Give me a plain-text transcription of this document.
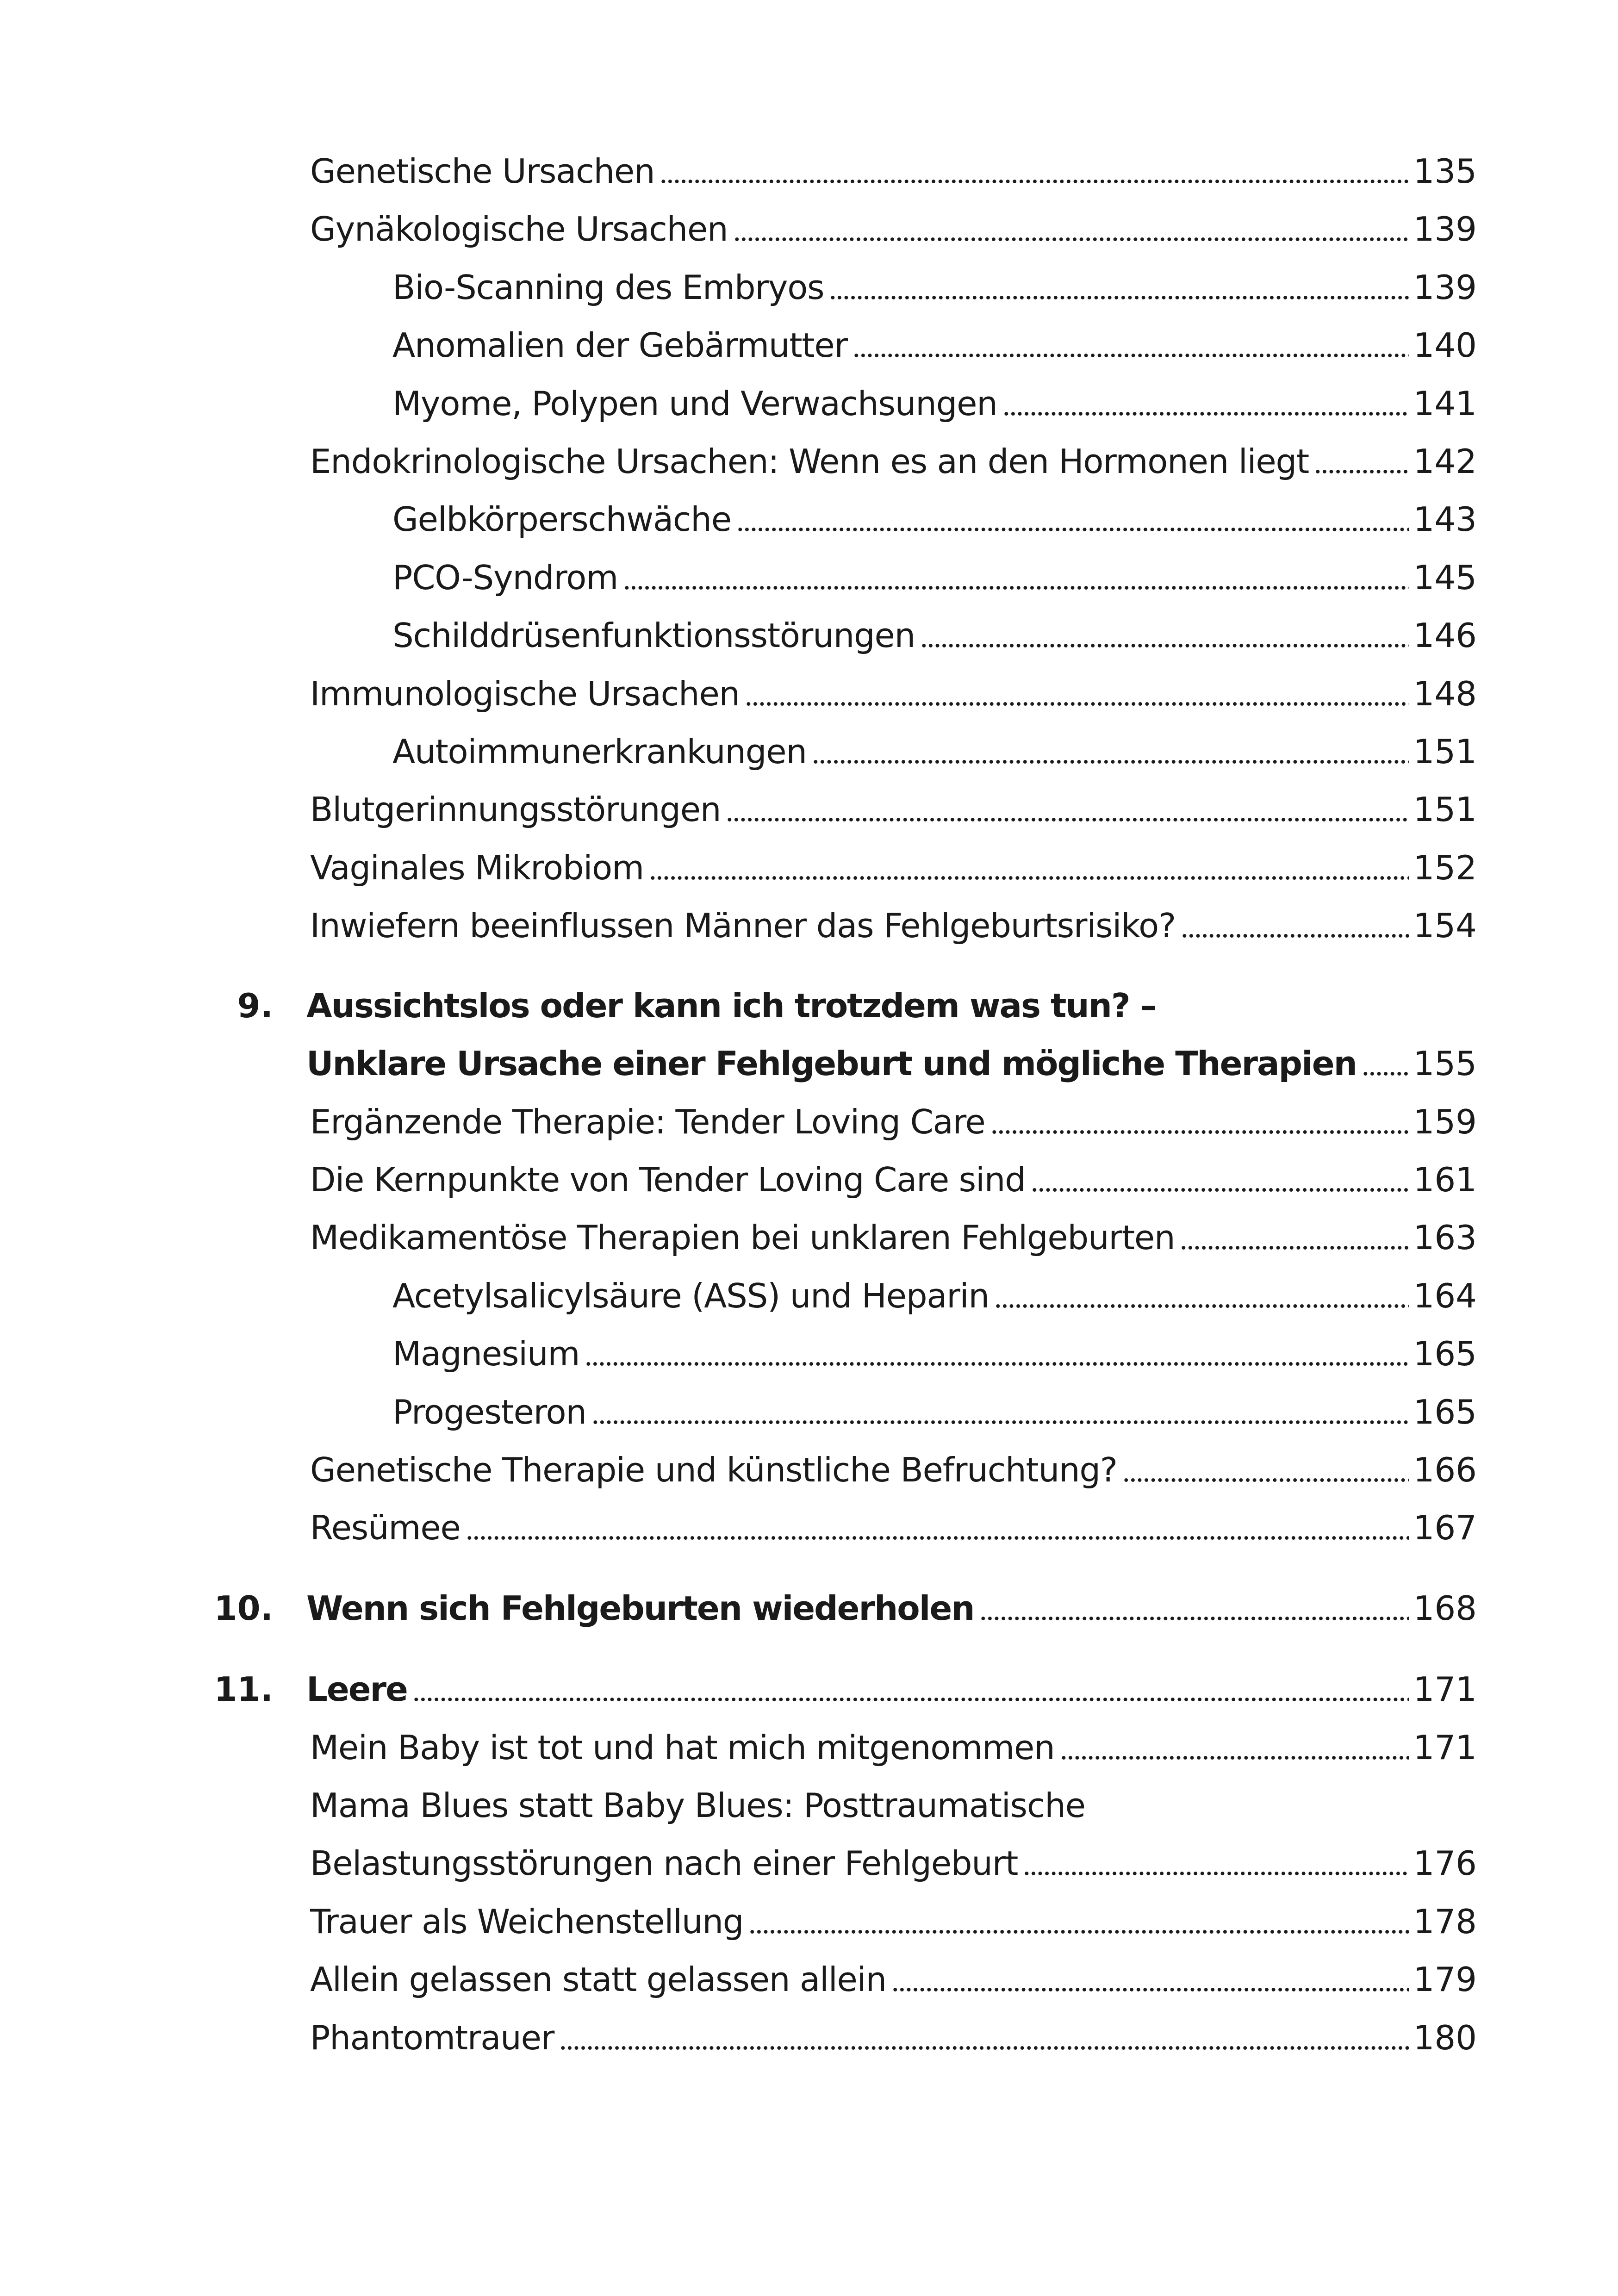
Genetische Ursachen	135
Gynäkologische Ursachen	139
Bio-Scanning des Embryos	139
Anomalien der Gebärmutter	140
Myome, Polypen und Verwachsungen	141
Endokrinologische Ursachen: Wenn es an den Hormonen liegt	142
Gelbkörperschwäche	143
PCO-Syndrom	145
Schilddrüsenfunktionsstörungen	146
Immunologische Ursachen	148
Autoimmunerkrankungen	151
Blutgerinnungsstörungen	151
Vaginales Mikrobiom	152
Inwiefern beeinflussen Männer das Fehlgeburtsrisiko?	154
9. Aussichtslos oder kann ich trotzdem was tun? –
Unklare Ursache einer Fehlgeburt und mögliche Therapien 155
Ergänzende Therapie: Tender Loving Care	159
Die Kernpunkte von Tender Loving Care sind	161
Medikamentöse Therapien bei unklaren Fehlgeburten	163
Acetylsalicylsäure (ASS) und Heparin	164
Magnesium	165
Progesteron	165
Genetische Therapie und künstliche Befruchtung?	166
Resümee	167
10. Wenn sich Fehlgeburten wiederholen	168
11. Leere	171
Mein Baby ist tot und hat mich mitgenommen	171
Mama Blues statt Baby Blues: Posttraumatische
Belastungsstörungen nach einer Fehlgeburt	176
Trauer als Weichenstellung	178
Allein gelassen statt gelassen allein	179
Phantomtrauer	180
